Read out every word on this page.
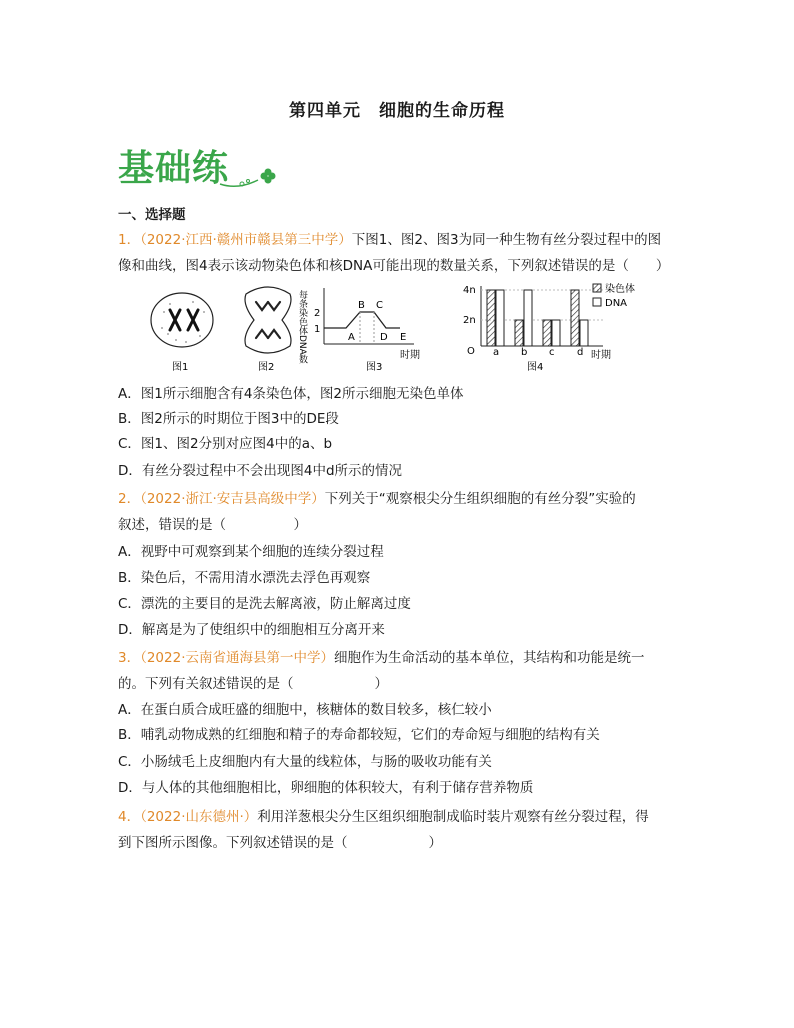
第四单元　细胞的生命历程
基础练
一、选择题
1．（2022·江西·赣州市赣县第三中学）下图1、图2、图3为同一种生物有丝分裂过程中的图
像和曲线，图4表示该动物染色体和核DNA可能出现的数量关系，下列叙述错误的是（　　）
图1	图2
每条染色体DNA数 2
1
A
B C
D E
时期
图3
4n
2n
O a b c d 时期
染色体
DNA
图4
A．图1所示细胞含有4条染色体，图2所示细胞无染色单体
B．图2所示的时期位于图3中的DE段
C．图1、图2分别对应图4中的a、b
D．有丝分裂过程中不会出现图4中d所示的情况
2．（2022·浙江·安吉县高级中学）下列关于“观察根尖分生组织细胞的有丝分裂”实验的
叙述，错误的是（　　　　　）
A．视野中可观察到某个细胞的连续分裂过程
B．染色后，不需用清水漂洗去浮色再观察
C．漂洗的主要目的是洗去解离液，防止解离过度
D．解离是为了使组织中的细胞相互分离开来
3．（2022·云南省通海县第一中学）细胞作为生命活动的基本单位，其结构和功能是统一
的。下列有关叙述错误的是（　　　　　　）
A．在蛋白质合成旺盛的细胞中，核糖体的数目较多，核仁较小
B．哺乳动物成熟的红细胞和精子的寿命都较短，它们的寿命短与细胞的结构有关
C．小肠绒毛上皮细胞内有大量的线粒体，与肠的吸收功能有关
D．与人体的其他细胞相比，卵细胞的体积较大，有利于储存营养物质
4．（2022·山东德州·）利用洋葱根尖分生区组织细胞制成临时装片观察有丝分裂过程，得
到下图所示图像。下列叙述错误的是（　　　　　　）
